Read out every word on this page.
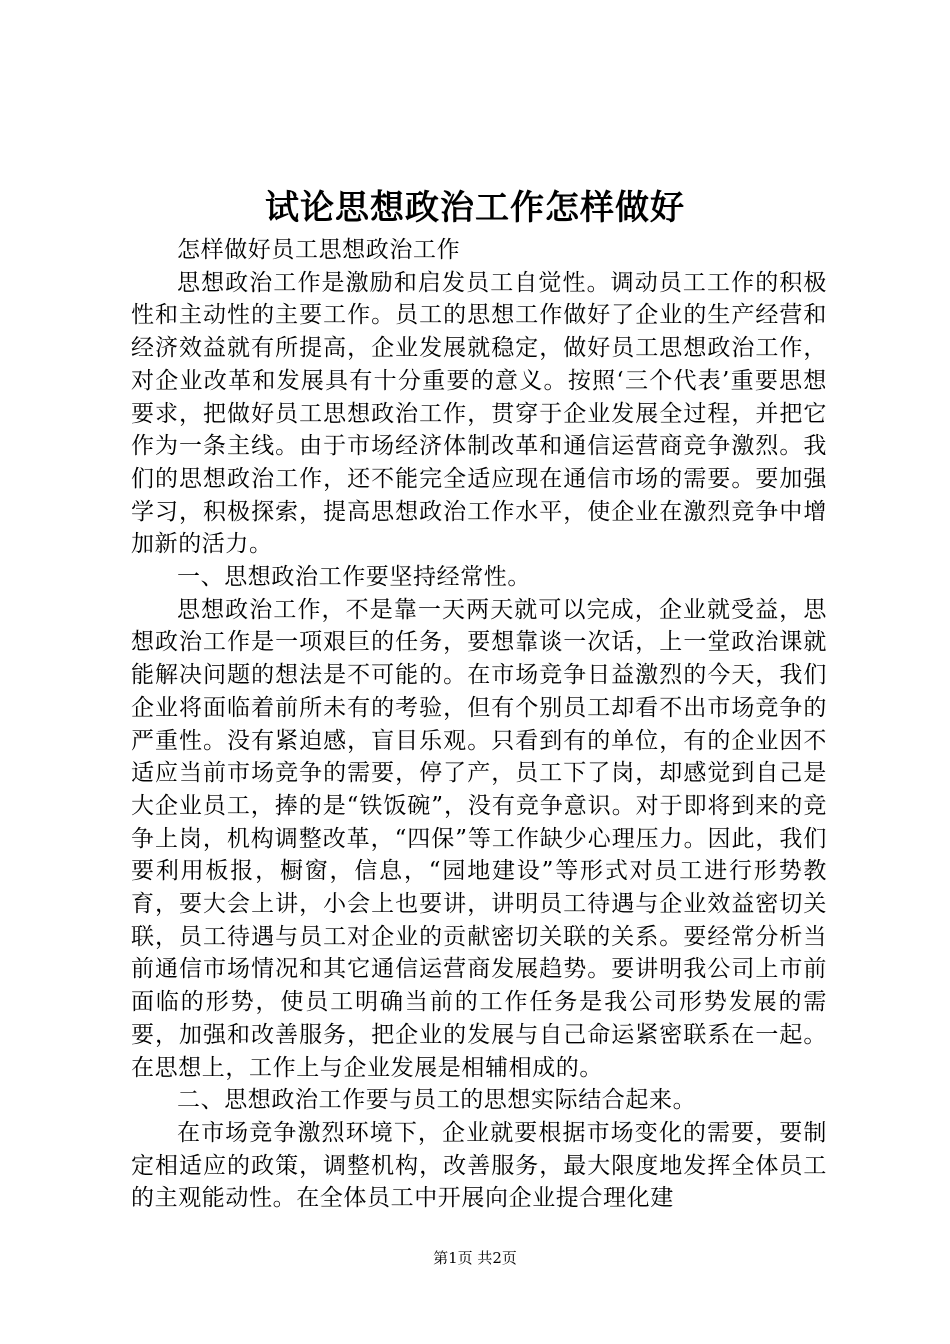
试论思想政治工作怎样做好

怎样做好员工思想政治工作

思想政治工作是激励和启发员工自觉性。调动员工工作的积极性和主动性的主要工作。员工的思想工作做好了企业的生产经营和经济效益就有所提高，企业发展就稳定，做好员工思想政治工作，对企业改革和发展具有十分重要的意义。按照‘三个代表’重要思想要求，把做好员工思想政治工作，贯穿于企业发展全过程，并把它作为一条主线。由于市场经济体制改革和通信运营商竞争激烈。我们的思想政治工作，还不能完全适应现在通信市场的需要。要加强学习，积极探索，提高思想政治工作水平，使企业在激烈竞争中增加新的活力。

一、思想政治工作要坚持经常性。

思想政治工作，不是靠一天两天就可以完成，企业就受益，思想政治工作是一项艰巨的任务，要想靠谈一次话，上一堂政治课就能解决问题的想法是不可能的。在市场竞争日益激烈的今天，我们企业将面临着前所未有的考验，但有个别员工却看不出市场竞争的严重性。没有紧迫感，盲目乐观。只看到有的单位，有的企业因不适应当前市场竞争的需要，停了产，员工下了岗，却感觉到自己是大企业员工，捧的是“铁饭碗”，没有竞争意识。对于即将到来的竞争上岗，机构调整改革，“四保”等工作缺少心理压力。因此，我们要利用板报，橱窗，信息，“园地建设”等形式对员工进行形势教育，要大会上讲，小会上也要讲，讲明员工待遇与企业效益密切关联，员工待遇与员工对企业的贡献密切关联的关系。要经常分析当前通信市场情况和其它通信运营商发展趋势。要讲明我公司上市前面临的形势，使员工明确当前的工作任务是我公司形势发展的需要，加强和改善服务，把企业的发展与自己命运紧密联系在一起。在思想上，工作上与企业发展是相辅相成的。

二、思想政治工作要与员工的思想实际结合起来。

在市场竞争激烈环境下，企业就要根据市场变化的需要，要制定相适应的政策，调整机构，改善服务，最大限度地发挥全体员工的主观能动性。在全体员工中开展向企业提合理化建

第1页 共2页
